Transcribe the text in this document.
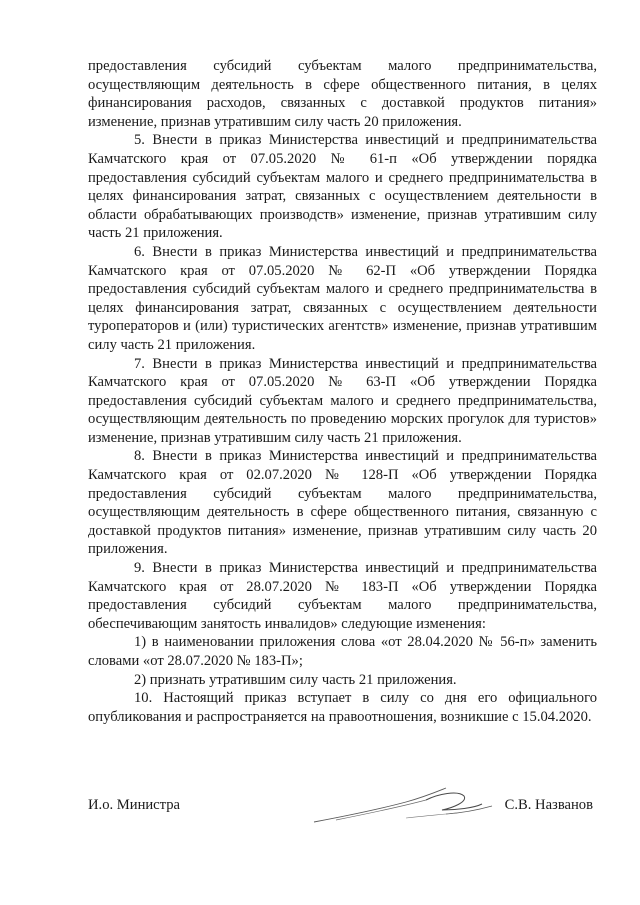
предоставления субсидий субъектам малого предпринимательства, осуществляющим деятельность в сфере общественного питания, в целях финансирования расходов, связанных с доставкой продуктов питания» изменение, признав утратившим силу часть 20 приложения.

5. Внести в приказ Министерства инвестиций и предпринимательства Камчатского края от 07.05.2020 № 61-п «Об утверждении порядка предоставления субсидий субъектам малого и среднего предпринимательства в целях финансирования затрат, связанных с осуществлением деятельности в области обрабатывающих производств» изменение, признав утратившим силу часть 21 приложения.

6. Внести в приказ Министерства инвестиций и предпринимательства Камчатского края от 07.05.2020 № 62-П «Об утверждении Порядка предоставления субсидий субъектам малого и среднего предпринимательства в целях финансирования затрат, связанных с осуществлением деятельности туроператоров и (или) туристических агентств» изменение, признав утратившим силу часть 21 приложения.

7. Внести в приказ Министерства инвестиций и предпринимательства Камчатского края от 07.05.2020 № 63-П «Об утверждении Порядка предоставления субсидий субъектам малого и среднего предпринимательства, осуществляющим деятельность по проведению морских прогулок для туристов» изменение, признав утратившим силу часть 21 приложения.

8. Внести в приказ Министерства инвестиций и предпринимательства Камчатского края от 02.07.2020 № 128-П «Об утверждении Порядка предоставления субсидий субъектам малого предпринимательства, осуществляющим деятельность в сфере общественного питания, связанную с доставкой продуктов питания» изменение, признав утратившим силу часть 20 приложения.

9. Внести в приказ Министерства инвестиций и предпринимательства Камчатского края от 28.07.2020 № 183-П «Об утверждении Порядка предоставления субсидий субъектам малого предпринимательства, обеспечивающим занятость инвалидов» следующие изменения:

1) в наименовании приложения слова «от 28.04.2020 № 56-п» заменить словами «от 28.07.2020 № 183-П»;

2) признать утратившим силу часть 21 приложения.

10. Настоящий приказ вступает в силу со дня его официального опубликования и распространяется на правоотношения, возникшие с 15.04.2020.

И.о. Министра	С.В. Названов
